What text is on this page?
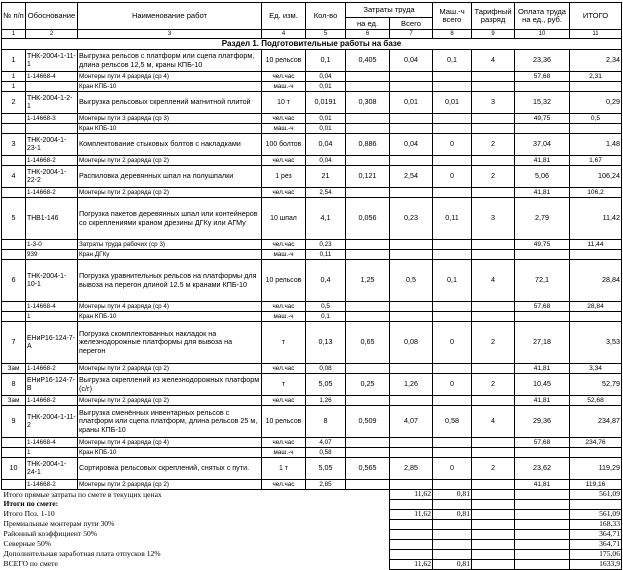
№ п/п	Обоснование	Наименование работ	Ед. изм.	Кол-во	Затраты труда		Маш.-ч всего	Тарифный разряд	Оплата труда на ед., руб.	ИТОГО
					на ед.	Всего				
1	2	3	4	5	6	7	8	9	10	11
Раздел 1. Подготовительные работы на базе										
1	ТНК-2004-1-11-1	Выгрузка рельсов с платформ или сцепа платформ, длина рельсов 12,5 м, краны КПБ-10	10 рельсов	0,1	0,405	0,04	0,1	4	23,36	2,34
1	1-14668-4	Монтеры пути 4 разряда (ср 4)	чел.час	0,04					57,68	2,31
1		Кран КПБ-10	маш.-ч	0,01						
2	ТНК-2004-1-2-1	Выгрузка рельсовых скреплений магнитной плитой	10 т	0,0191	0,308	0,01	0,01	3	15,32	0,29
	1-14668-3	Монтеры пути 3 разряда (ср 3)	чел.час	0,01					49,75	0,5
		Кран КПБ-10	маш.-ч	0,01						
3	ТНК-2004-1-23-1	Комплектование стыковых болтов с накладками	100 болтов	0,04	0,886	0,04	0	2	37,04	1,48
	1-14668-2	Монтеры пути 2 разряда (ср 2)	чел.час	0,04					41,81	1,67
4	ТНК-2004-1-22-2	Распиловка деревянных шпал на полушпалки	1 рез	21	0,121	2,54	0	2	5,06	106,24
	1-14668-2	Монтеры пути 2 разряда (ср 2)	чел.час	2,54					41,81	106,2
5	ТНВ1-146	Погрузка пакетов деревянных шпал или контейнеров со скреплениями краном дрезины ДГКу или АГМу	10 шпал	4,1	0,056	0,23	0,11	3	2,79	11,42
	1-3-0	Затраты труда рабочих (ср 3)	чел.час	0,23					49,75	11,44
	939	Кран ДГКу	маш.-ч	0,11						
6	ТНК-2004-1-10-1	Погрузка уравнительных рельсов на платформы для вывоза на перегон длиной 12.5 м кранами КПБ-10	10 рельсов	0,4	1,25	0,5	0,1	4	72,1	28,84
	1-14668-4	Монтеры пути 4 разряда (ср 4)	чел.час	0,5					57,68	28,84
	1	Кран КПБ-10	маш.-ч	0,1						
7	ЕНиР16-124-7-А	Погрузка скомплектованных накладок на железнодорожные платформы для вывоза на перегон	т	0,13	0,65	0,08	0	2	27,18	3,53
Зам	1-14668-2	Монтеры пути 2 разряда (ср 2)	чел.час	0,08					41,81	3,34
8	ЕНиР16-124-7-В	Выгрузка скреплений из железнодорожных платформ (с/г)	т	5,05	0,25	1,26	0	2	10,45	52,79
Зам	1-14668-2	Монтеры пути 2 разряда (ср 2)	чел.час	1,26					41,81	52,68
9	ТНК-2004-1-11-2	Выгрузка сменённых инвентарных рельсов с платформ или сцепа платформ, длина рельсов 25 м, краны КПБ-10	10 рельсов	8	0,509	4,07	0,58	4	29,36	234,87
	1-14668-4	Монтеры пути 4 разряда (ср 4)	чел.час	4,07					57,68	234,76
	1	Кран КПБ-10	маш.-ч	0,58						
10	ТНК-2004-1-24-1	Сортировка рельсовых скреплений, снятых с пути.	1 т	5,05	0,565	2,85	0	2	23,62	119,29
	1-14668-2	Монтеры пути 2 разряда (ср 2)	чел.час	2,85					41,81	119,16
Итого прямые затраты по смете в текущих ценах						11,62	0,81			561,09
Итоги по смете:										
Итого Поз. 1-10						11,62	0,81			561,09
Премиальные монтерам пути 30%										168,33
Районный коэффициент 50%										364,71
Северные 50%										364,71
Дополнительная заработная плата отпусков 12%										175,06
ВСЕГО по смете						11,62	0,81			1633,9
